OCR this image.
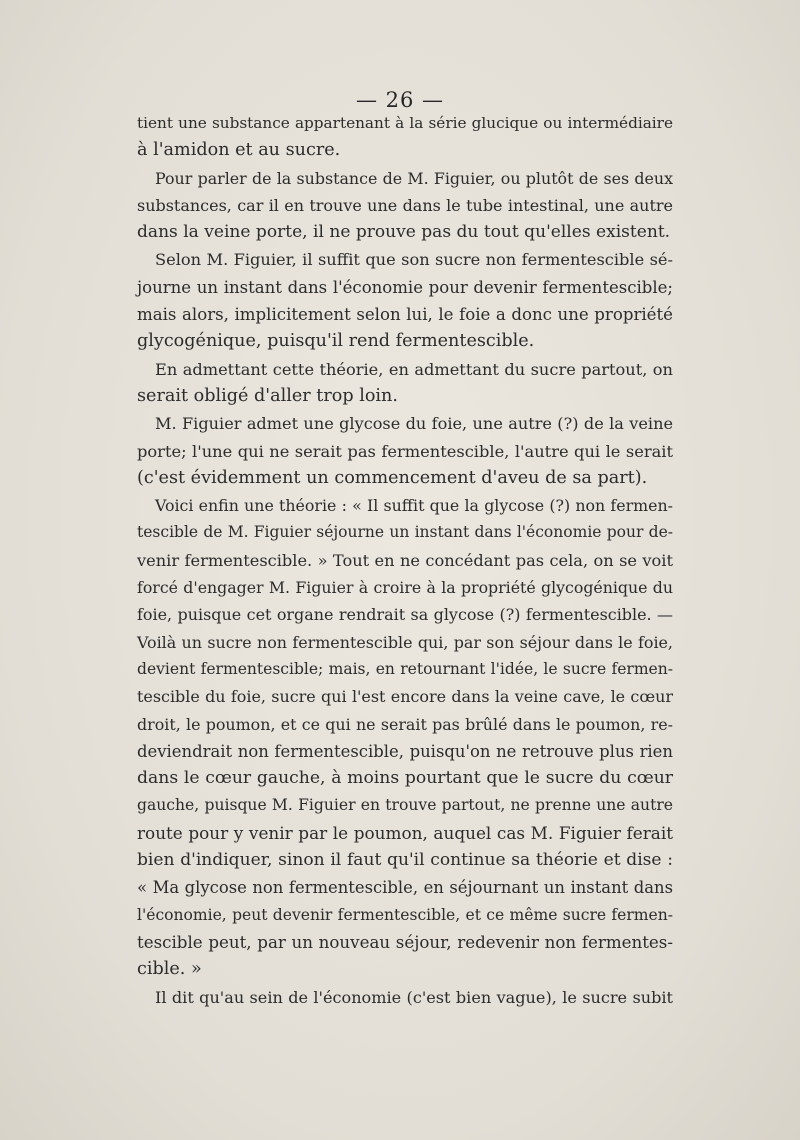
— 26 —
tient une substance appartenant à la série glucique ou intermédiaire
à l'amidon et au sucre.
Pour parler de la substance de M. Figuier, ou plutôt de ses deux
substances, car il en trouve une dans le tube intestinal, une autre
dans la veine porte, il ne prouve pas du tout qu'elles existent.
Selon M. Figuier, il suffit que son sucre non fermentescible sé-
journe un instant dans l'économie pour devenir fermentescible;
mais alors, implicitement selon lui, le foie a donc une propriété
glycogénique, puisqu'il rend fermentescible.
En admettant cette théorie, en admettant du sucre partout, on
serait obligé d'aller trop loin.
M. Figuier admet une glycose du foie, une autre (?) de la veine
porte; l'une qui ne serait pas fermentescible, l'autre qui le serait
(c'est évidemment un commencement d'aveu de sa part).
Voici enfin une théorie : « Il suffit que la glycose (?) non fermen-
tescible de M. Figuier séjourne un instant dans l'économie pour de-
venir fermentescible. » Tout en ne concédant pas cela, on se voit
forcé d'engager M. Figuier à croire à la propriété glycogénique du
foie, puisque cet organe rendrait sa glycose (?) fermentescible. —
Voilà un sucre non fermentescible qui, par son séjour dans le foie,
devient fermentescible; mais, en retournant l'idée, le sucre fermen-
tescible du foie, sucre qui l'est encore dans la veine cave, le cœur
droit, le poumon, et ce qui ne serait pas brûlé dans le poumon, re-
deviendrait non fermentescible, puisqu'on ne retrouve plus rien
dans le cœur gauche, à moins pourtant que le sucre du cœur
gauche, puisque M. Figuier en trouve partout, ne prenne une autre
route pour y venir par le poumon, auquel cas M. Figuier ferait
bien d'indiquer, sinon il faut qu'il continue sa théorie et dise :
« Ma glycose non fermentescible, en séjournant un instant dans
l'économie, peut devenir fermentescible, et ce même sucre fermen-
tescible peut, par un nouveau séjour, redevenir non fermentes-
cible. »
Il dit qu'au sein de l'économie (c'est bien vague), le sucre subit
